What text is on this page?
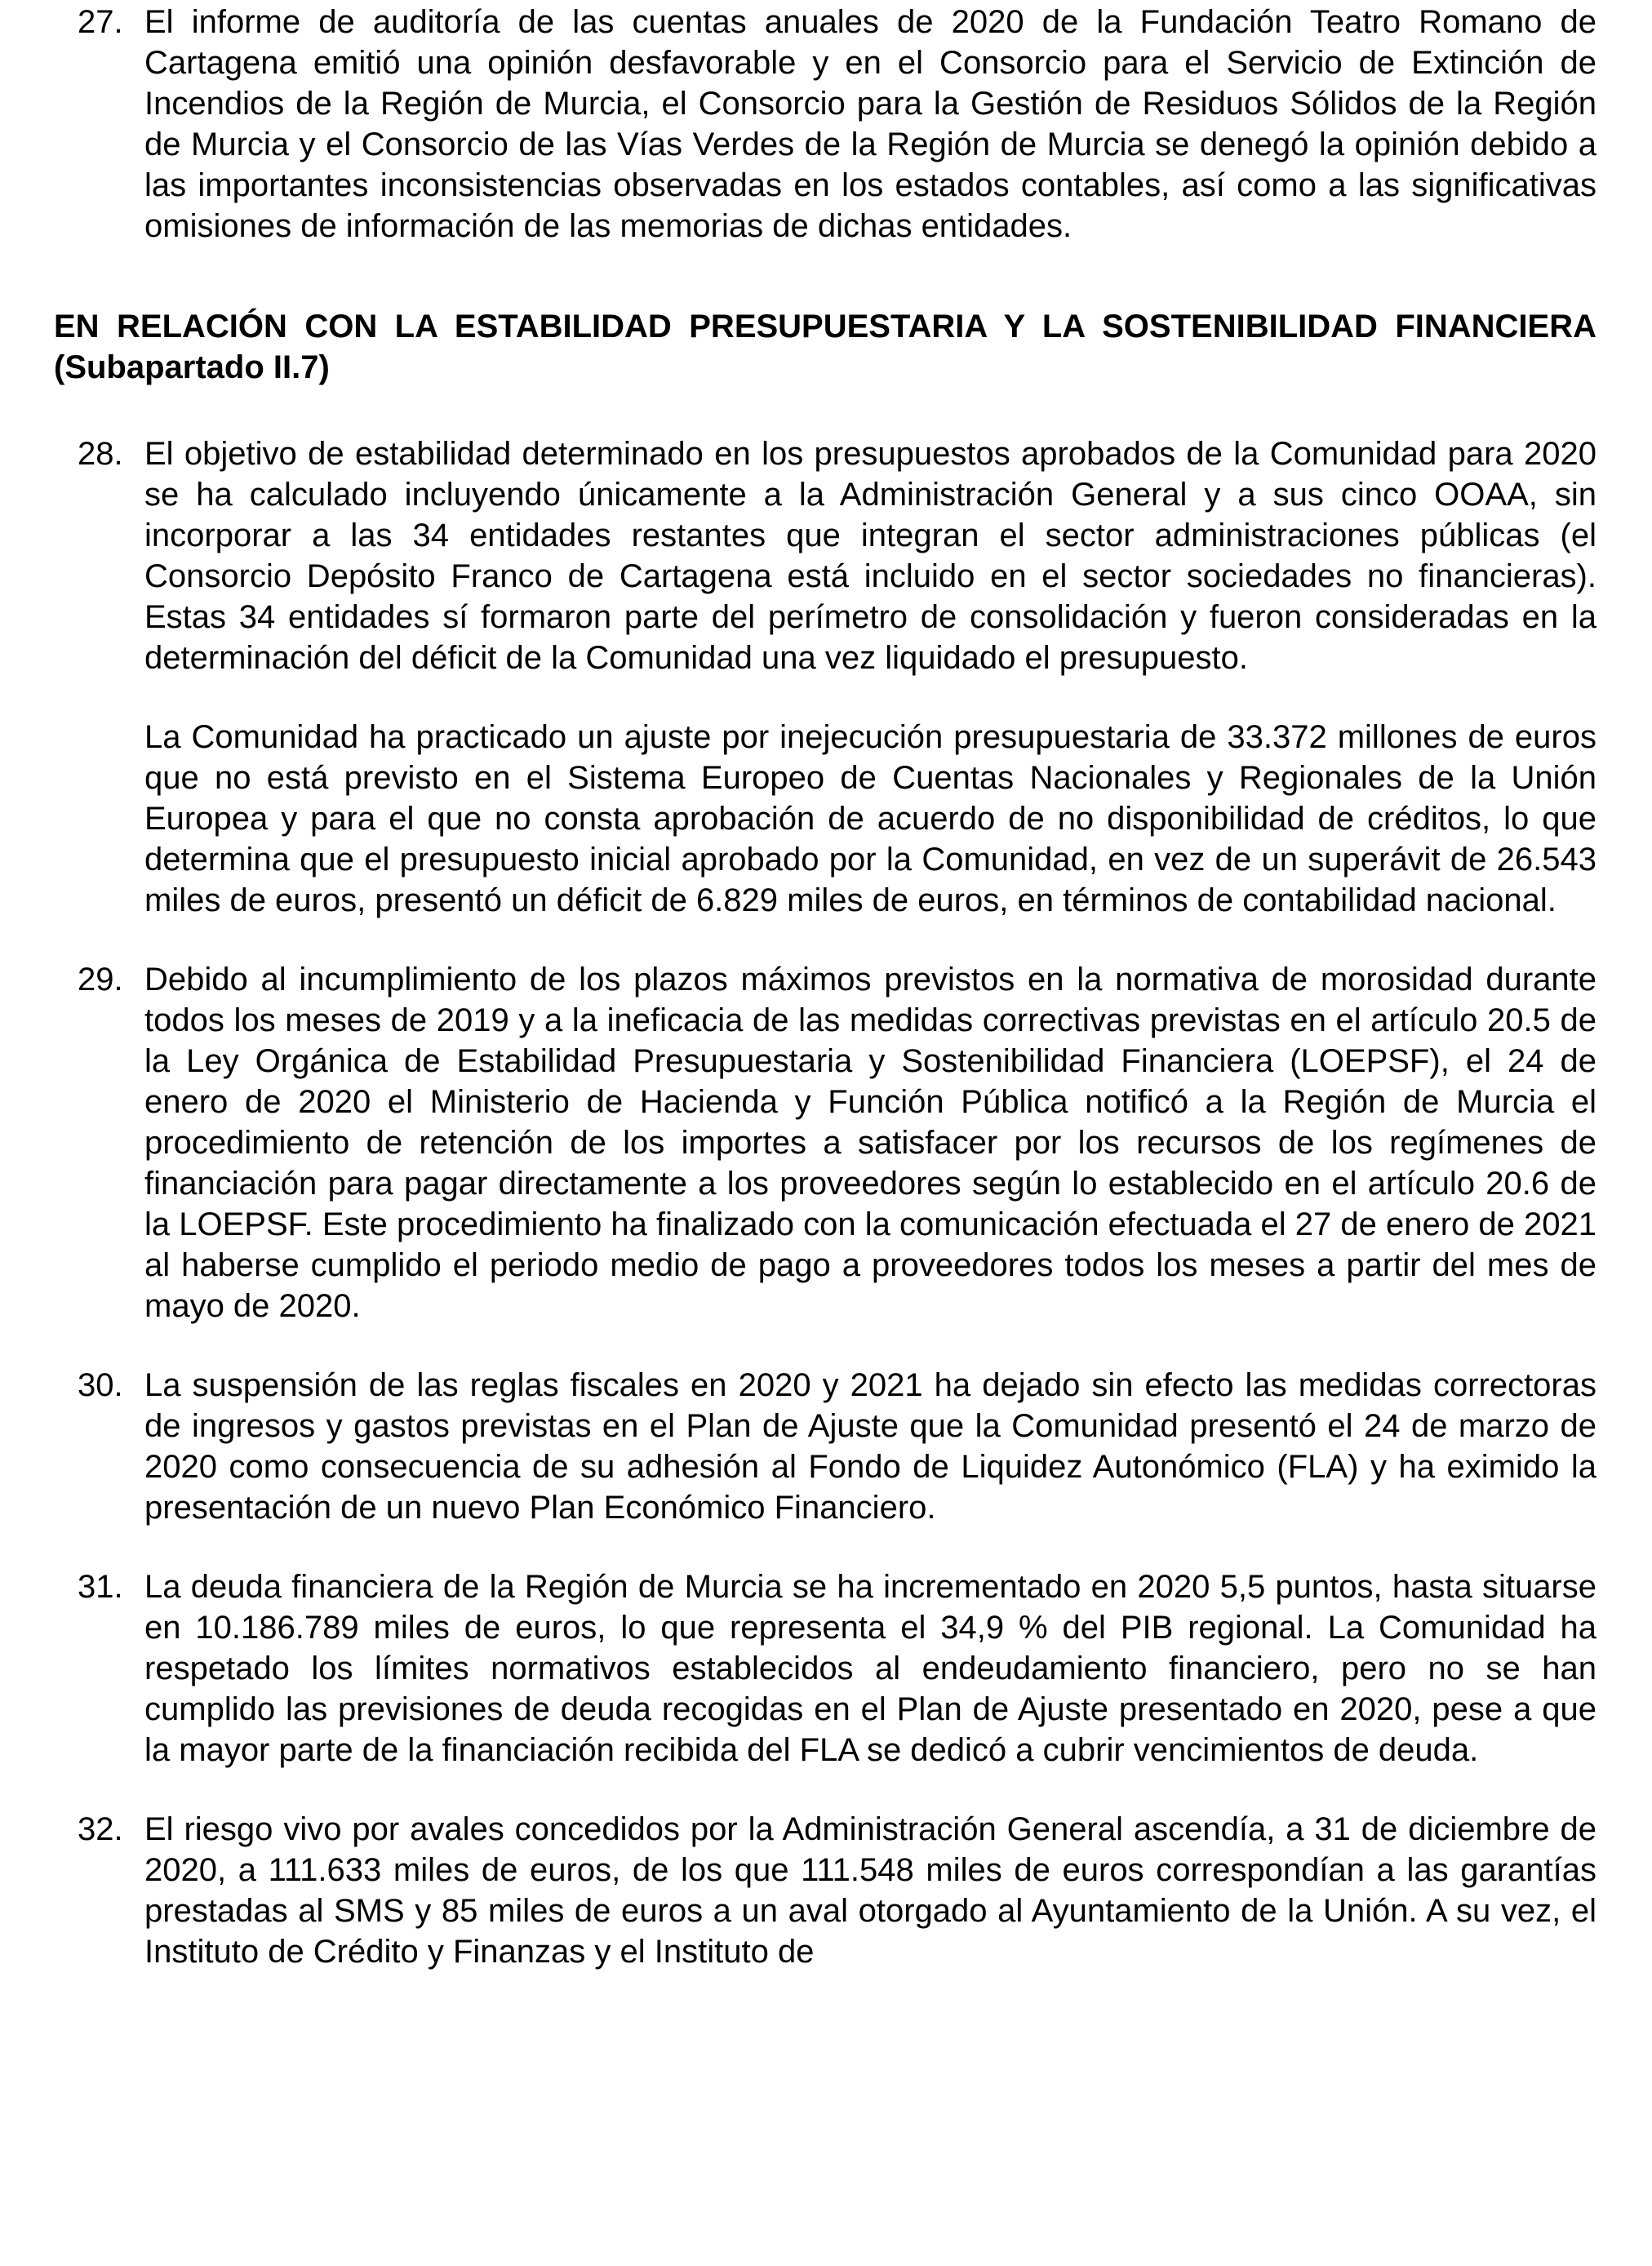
27. El informe de auditoría de las cuentas anuales de 2020 de la Fundación Teatro Romano de Cartagena emitió una opinión desfavorable y en el Consorcio para el Servicio de Extinción de Incendios de la Región de Murcia, el Consorcio para la Gestión de Residuos Sólidos de la Región de Murcia y el Consorcio de las Vías Verdes de la Región de Murcia se denegó la opinión debido a las importantes inconsistencias observadas en los estados contables, así como a las significativas omisiones de información de las memorias de dichas entidades.
EN RELACIÓN CON LA ESTABILIDAD PRESUPUESTARIA Y LA SOSTENIBILIDAD FINANCIERA (Subapartado II.7)
28. El objetivo de estabilidad determinado en los presupuestos aprobados de la Comunidad para 2020 se ha calculado incluyendo únicamente a la Administración General y a sus cinco OOAA, sin incorporar a las 34 entidades restantes que integran el sector administraciones públicas (el Consorcio Depósito Franco de Cartagena está incluido en el sector sociedades no financieras). Estas 34 entidades sí formaron parte del perímetro de consolidación y fueron consideradas en la determinación del déficit de la Comunidad una vez liquidado el presupuesto.
La Comunidad ha practicado un ajuste por inejecución presupuestaria de 33.372 millones de euros que no está previsto en el Sistema Europeo de Cuentas Nacionales y Regionales de la Unión Europea y para el que no consta aprobación de acuerdo de no disponibilidad de créditos, lo que determina que el presupuesto inicial aprobado por la Comunidad, en vez de un superávit de 26.543 miles de euros, presentó un déficit de 6.829 miles de euros, en términos de contabilidad nacional.
29. Debido al incumplimiento de los plazos máximos previstos en la normativa de morosidad durante todos los meses de 2019 y a la ineficacia de las medidas correctivas previstas en el artículo 20.5 de la Ley Orgánica de Estabilidad Presupuestaria y Sostenibilidad Financiera (LOEPSF), el 24 de enero de 2020 el Ministerio de Hacienda y Función Pública notificó a la Región de Murcia el procedimiento de retención de los importes a satisfacer por los recursos de los regímenes de financiación para pagar directamente a los proveedores según lo establecido en el artículo 20.6 de la LOEPSF. Este procedimiento ha finalizado con la comunicación efectuada el 27 de enero de 2021 al haberse cumplido el periodo medio de pago a proveedores todos los meses a partir del mes de mayo de 2020.
30. La suspensión de las reglas fiscales en 2020 y 2021 ha dejado sin efecto las medidas correctoras de ingresos y gastos previstas en el Plan de Ajuste que la Comunidad presentó el 24 de marzo de 2020 como consecuencia de su adhesión al Fondo de Liquidez Autonómico (FLA) y ha eximido la presentación de un nuevo Plan Económico Financiero.
31. La deuda financiera de la Región de Murcia se ha incrementado en 2020 5,5 puntos, hasta situarse en 10.186.789 miles de euros, lo que representa el 34,9 % del PIB regional. La Comunidad ha respetado los límites normativos establecidos al endeudamiento financiero, pero no se han cumplido las previsiones de deuda recogidas en el Plan de Ajuste presentado en 2020, pese a que la mayor parte de la financiación recibida del FLA se dedicó a cubrir vencimientos de deuda.
32. El riesgo vivo por avales concedidos por la Administración General ascendía, a 31 de diciembre de 2020, a 111.633 miles de euros, de los que 111.548 miles de euros correspondían a las garantías prestadas al SMS y 85 miles de euros a un aval otorgado al Ayuntamiento de la Unión. A su vez, el Instituto de Crédito y Finanzas y el Instituto de
